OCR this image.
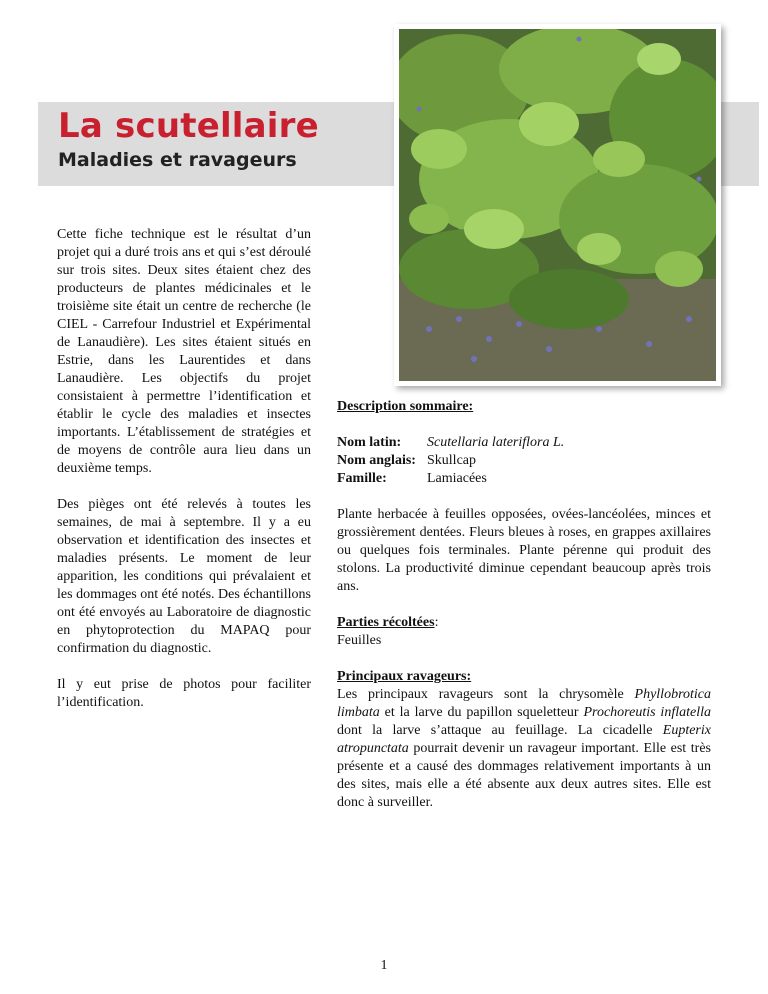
La scutellaire
Maladies et ravageurs

Cette fiche technique est le résultat d’un projet qui a duré trois ans et qui s’est déroulé sur trois sites. Deux sites étaient chez des producteurs de plantes médicinales et le troisième site était un centre de recherche (le CIEL - Carrefour Industriel et Expérimental de Lanaudière). Les sites étaient situés en Estrie, dans les Laurentides et dans Lanaudière. Les objectifs du projet consistaient à permettre l’identification et établir le cycle des maladies et insectes importants. L’établissement de stratégies et de moyens de contrôle aura lieu dans un deuxième temps.

Des pièges ont été relevés à toutes les semaines, de mai à septembre. Il y a eu observation et identification des insectes et maladies présents. Le moment de leur apparition, les conditions qui prévalaient et les dommages ont été notés. Des échantillons ont été envoyés au Laboratoire de diagnostic en phytoprotection du MAPAQ pour confirmation du diagnostic.

Il y eut prise de photos pour faciliter l’identification.

Description sommaire:

Nom latin:	Scutellaria lateriflora L.
Nom anglais:	Skullcap
Famille:	Lamiacées

Plante herbacée à feuilles opposées, ovées-lancéolées, minces et grossièrement dentées. Fleurs bleues à roses, en grappes axillaires ou quelques fois terminales. Plante pérenne qui produit des stolons. La productivité diminue cependant beaucoup après trois ans.

Parties récoltées:

Feuilles

Principaux ravageurs:

Les principaux ravageurs sont la chrysomèle Phyllobrotica limbata et la larve du papillon squeletteur Prochoreutis inflatella dont la larve s’attaque au feuillage. La cicadelle Eupterix atropunctata pourrait devenir un ravageur important. Elle est très présente et a causé des dommages relativement importants à un des sites, mais elle a été absente aux deux autres sites. Elle est donc à surveiller.

1
